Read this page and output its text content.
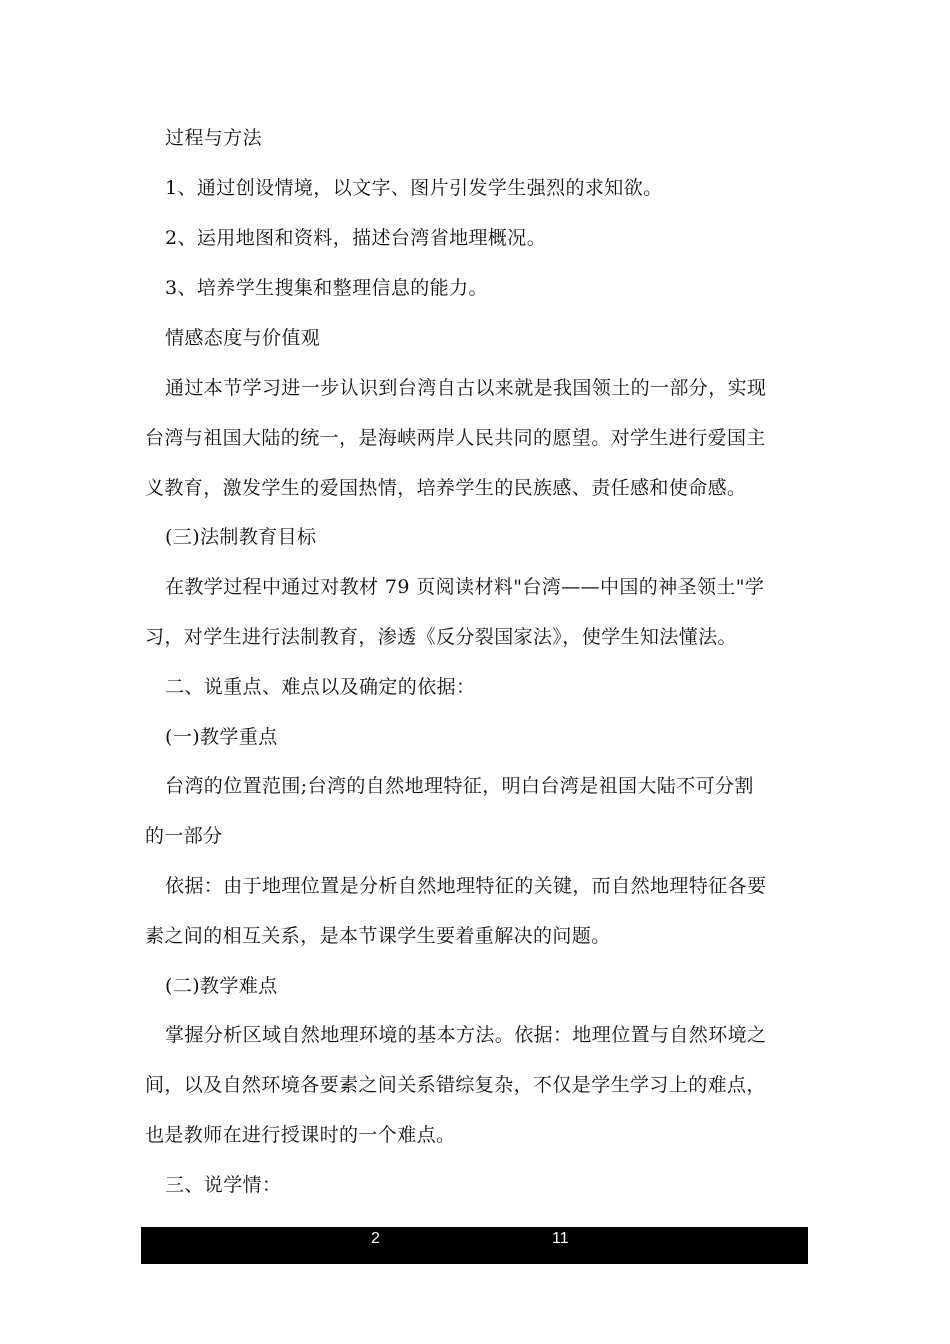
过程与方法
1、通过创设情境，以文字、图片引发学生强烈的求知欲。
2、运用地图和资料，描述台湾省地理概况。
3、培养学生搜集和整理信息的能力。
情感态度与价值观
通过本节学习进一步认识到台湾自古以来就是我国领土的一部分，实现
台湾与祖国大陆的统一，是海峡两岸人民共同的愿望。对学生进行爱国主
义教育，激发学生的爱国热情，培养学生的民族感、责任感和使命感。
(三)法制教育目标
在教学过程中通过对教材 79 页阅读材料"台湾——中国的神圣领土"学
习，对学生进行法制教育，渗透《反分裂国家法》，使学生知法懂法。
二、说重点、难点以及确定的依据：
(一)教学重点
台湾的位置范围;台湾的自然地理特征，明白台湾是祖国大陆不可分割
的一部分
依据：由于地理位置是分析自然地理特征的关键，而自然地理特征各要
素之间的相互关系，是本节课学生要着重解决的问题。
(二)教学难点
掌握分析区域自然地理环境的基本方法。依据：地理位置与自然环境之
间，以及自然环境各要素之间关系错综复杂，不仅是学生学习上的难点，
也是教师在进行授课时的一个难点。
三、说学情：
2	11
